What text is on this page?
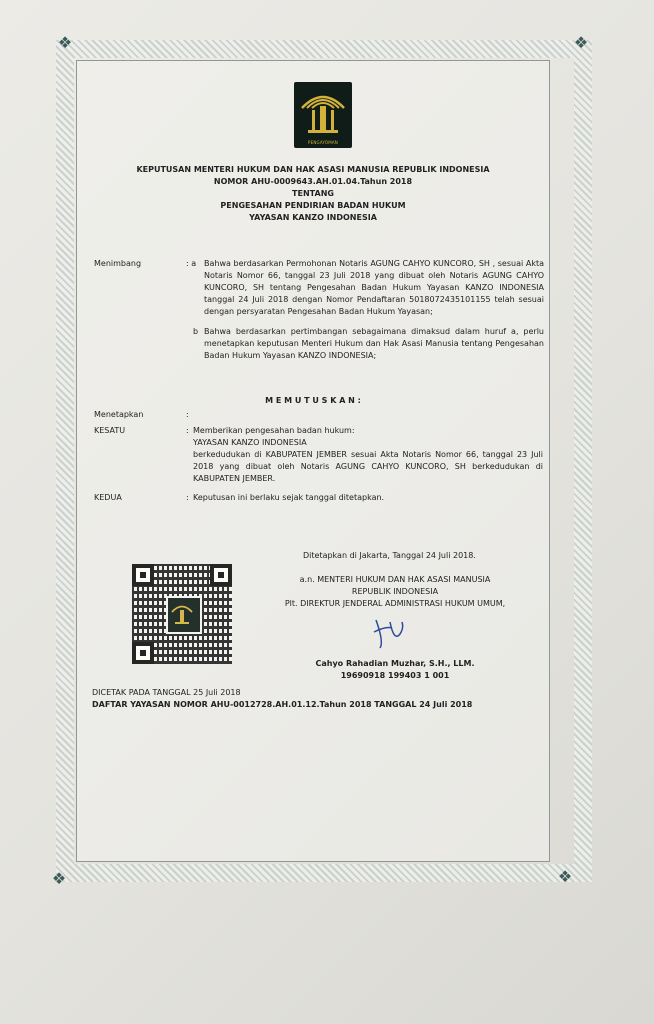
❖	❖
❖	❖
PENGAYOMAN
KEPUTUSAN MENTERI HUKUM DAN HAK ASASI MANUSIA REPUBLIK INDONESIA
NOMOR AHU-0009643.AH.01.04.Tahun 2018
TENTANG
PENGESAHAN PENDIRIAN BADAN HUKUM
YAYASAN KANZO INDONESIA
Menimbang	: a Bahwa berdasarkan Permohonan Notaris AGUNG CAHYO KUNCORO, SH , sesuai Akta Notaris Nomor 66, tanggal 23 Juli 2018 yang dibuat oleh Notaris AGUNG CAHYO KUNCORO, SH tentang Pengesahan Badan Hukum Yayasan KANZO INDONESIA tanggal 24 Juli 2018 dengan Nomor Pendaftaran 5018072435101155 telah sesuai dengan persyaratan Pengesahan Badan Hukum Yayasan;
b Bahwa berdasarkan pertimbangan sebagaimana dimaksud dalam huruf a, perlu menetapkan keputusan Menteri Hukum dan Hak Asasi Manusia tentang Pengesahan Badan Hukum Yayasan KANZO INDONESIA;
M E M U T U S K A N :
Menetapkan	:
KESATU	: Memberikan pengesahan badan hukum:
YAYASAN KANZO INDONESIA
berkedudukan di KABUPATEN JEMBER sesuai Akta Notaris Nomor 66, tanggal 23 Juli 2018 yang dibuat oleh Notaris AGUNG CAHYO KUNCORO, SH berkedudukan di KABUPATEN JEMBER.
KEDUA	: Keputusan ini berlaku sejak tanggal ditetapkan.
Ditetapkan di Jakarta, Tanggal 24 Juli 2018.
a.n. MENTERI HUKUM DAN HAK ASASI MANUSIA
REPUBLIK INDONESIA
Plt. DIREKTUR JENDERAL ADMINISTRASI HUKUM UMUM,
Cahyo Rahadian Muzhar, S.H., LLM.
19690918 199403 1 001
DICETAK PADA TANGGAL 25 Juli 2018
DAFTAR YAYASAN NOMOR AHU-0012728.AH.01.12.Tahun 2018 TANGGAL 24 Juli 2018
